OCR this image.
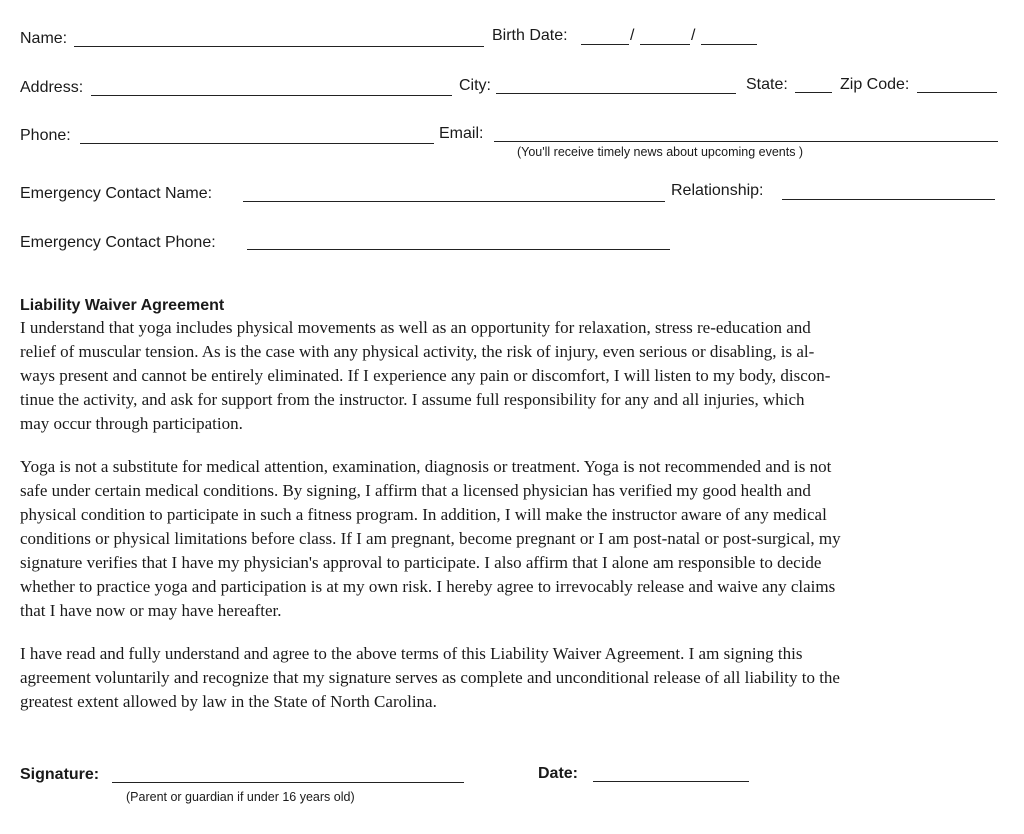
Name:	Birth Date:	/	/
Address:	City:	State:	Zip Code:
Phone:	Email:
(You'll receive timely news about upcoming events )
Emergency Contact Name:	Relationship:
Emergency Contact Phone:
Liability Waiver Agreement

I understand that yoga includes physical movements as well as an opportunity for relaxation, stress re-education and

relief of muscular tension. As is the case with any physical activity, the risk of injury, even serious or disabling, is al-

ways present and cannot be entirely eliminated. If I experience any pain or discomfort, I will listen to my body, discon-

tinue the activity, and ask for support from the instructor. I assume full responsibility for any and all injuries, which

may occur through participation.

Yoga is not a substitute for medical attention, examination, diagnosis or treatment. Yoga is not recommended and is not

safe under certain medical conditions. By signing, I affirm that a licensed physician has verified my good health and

physical condition to participate in such a fitness program. In addition, I will make the instructor aware of any medical

conditions or physical limitations before class. If I am pregnant, become pregnant or I am post-natal or post-surgical, my

signature verifies that I have my physician's approval to participate. I also affirm that I alone am responsible to decide

whether to practice yoga and participation is at my own risk. I hereby agree to irrevocably release and waive any claims

that I have now or may have hereafter.

I have read and fully understand and agree to the above terms of this Liability Waiver Agreement. I am signing this

agreement voluntarily and recognize that my signature serves as complete and unconditional release of all liability to the

greatest extent allowed by law in the State of North Carolina.

Signature:
(Parent or guardian if under 16 years old)
Date:
